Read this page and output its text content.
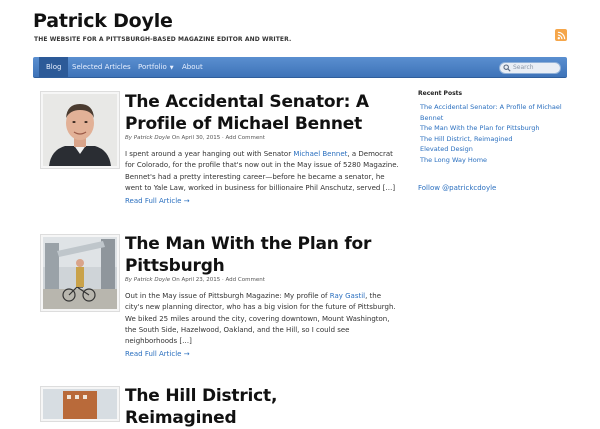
Patrick Doyle
THE WEBSITE FOR A PITTSBURGH-BASED MAGAZINE EDITOR AND WRITER.
Blog	Selected Articles Portfolio ▼ About	Search
The Accidental Senator: A Profile of Michael Bennet
By Patrick Doyle On April 30, 2015 · Add Comment

I spent around a year hanging out with Senator Michael Bennet, a Democrat for Colorado, for the profile that's now out in the May issue of 5280 Magazine. Bennet's had a pretty interesting career—before he became a senator, he went to Yale Law, worked in business for billionaire Phil Anschutz, served […]

Read Full Article →
The Man With the Plan for Pittsburgh
By Patrick Doyle On April 23, 2015 · Add Comment

Out in the May issue of Pittsburgh Magazine: My profile of Ray Gastil, the city's new planning director, who has a big vision for the future of Pittsburgh. We biked 25 miles around the city, covering downtown, Mount Washington, the South Side, Hazelwood, Oakland, and the Hill, so I could see neighborhoods […]

Read Full Article →
The Hill District, Reimagined
Recent Posts
The Accidental Senator: A Profile of Michael Bennet
The Man With the Plan for Pittsburgh
The Hill District, Reimagined
Elevated Design
The Long Way Home
Follow @patrickcdoyle
